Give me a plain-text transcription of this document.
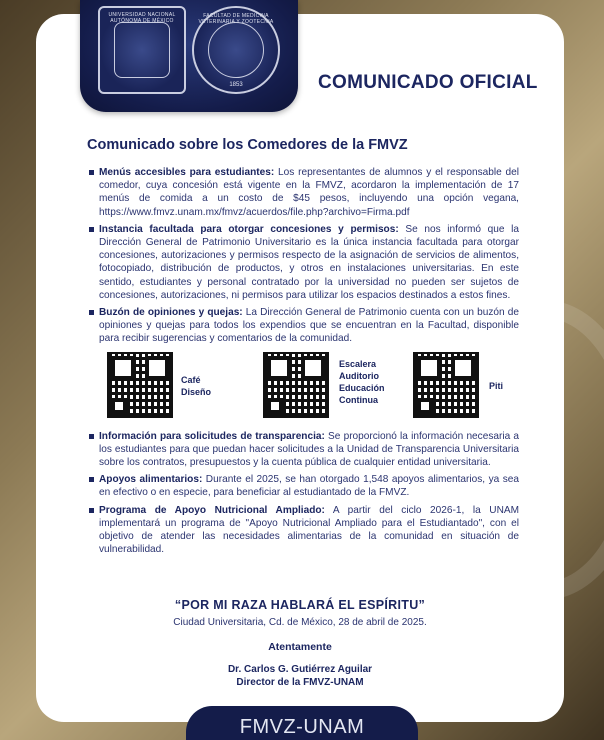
UNIVERSIDAD NACIONAL AUTÓNOMA DE MÉXICO
FACULTAD DE MEDICINA VETERINARIA Y ZOOTECNIA
1853	COMUNICADO OFICIAL
Comunicado sobre los Comedores de la FMVZ
Menús accesibles para estudiantes: Los representantes de alumnos y el responsable del comedor, cuya concesión está vigente en la FMVZ, acordaron la implementación de 17 menús de comida a un costo de $45 pesos, incluyendo una opción vegana, https://www.fmvz.unam.mx/fmvz/acuerdos/file.php?archivo=Firma.pdf
Instancia facultada para otorgar concesiones y permisos: Se nos informó que la Dirección General de Patrimonio Universitario es la única instancia facultada para otorgar concesiones, autorizaciones y permisos respecto de la asignación de servicios de alimentos, fotocopiado, distribución de productos, y otros en instalaciones universitarias. En este sentido, estudiantes y personal contratado por la universidad no pueden ser sujetos de concesiones, autorizaciones, ni permisos para utilizar los espacios destinados a estos fines.
Buzón de opiniones y quejas: La Dirección General de Patrimonio cuenta con un buzón de opiniones y quejas para todos los expendios que se encuentran en la Facultad, disponible para recibir sugerencias y comentarios de la comunidad.
Café
Diseño
Escalera
Auditorio
Educación
Continua
Piti
Información para solicitudes de transparencia: Se proporcionó la información necesaria a los estudiantes para que puedan hacer solicitudes a la Unidad de Transparencia Universitaria sobre los contratos, presupuestos y la cuenta pública de cualquier entidad universitaria.
Apoyos alimentarios: Durante el 2025, se han otorgado 1,548 apoyos alimentarios, ya sea en efectivo o en especie, para beneficiar al estudiantado de la FMVZ.
Programa de Apoyo Nutricional Ampliado: A partir del ciclo 2026-1, la UNAM implementará un programa de "Apoyo Nutricional Ampliado para el Estudiantado", con el objetivo de atender las necesidades alimentarias de la comunidad en situación de vulnerabilidad.
“POR MI RAZA HABLARÁ EL ESPÍRITU”
Ciudad Universitaria, Cd. de México, 28 de abril de 2025.
Atentamente
Dr. Carlos G. Gutiérrez Aguilar
Director de la FMVZ-UNAM
FMVZ-UNAM
